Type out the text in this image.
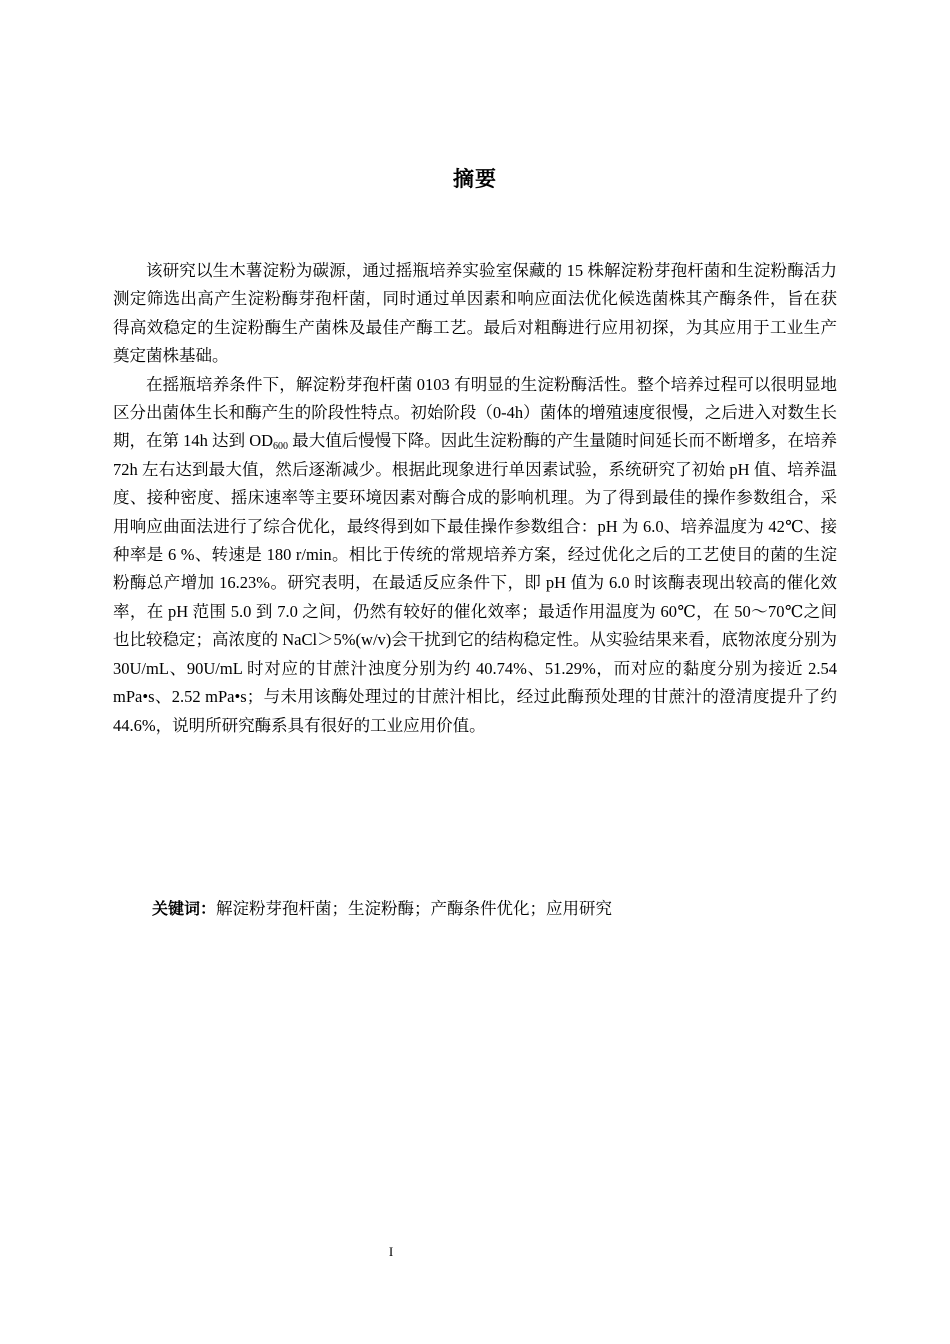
摘要

该研究以生木薯淀粉为碳源，通过摇瓶培养实验室保藏的 15 株解淀粉芽孢杆菌和生淀粉酶活力测定筛选出高产生淀粉酶芽孢杆菌，同时通过单因素和响应面法优化候选菌株其产酶条件，旨在获得高效稳定的生淀粉酶生产菌株及最佳产酶工艺。最后对粗酶进行应用初探，为其应用于工业生产奠定菌株基础。

在摇瓶培养条件下，解淀粉芽孢杆菌 0103 有明显的生淀粉酶活性。整个培养过程可以很明显地区分出菌体生长和酶产生的阶段性特点。初始阶段（0-4h）菌体的增殖速度很慢，之后进入对数生长期，在第 14h 达到 $OD_{600}$ 最大值后慢慢下降。因此生淀粉酶的产生量随时间延长而不断增多，在培养 72h 左右达到最大值，然后逐渐减少。根据此现象进行单因素试验，系统研究了初始 pH 值、培养温度、接种密度、摇床速率等主要环境因素对酶合成的影响机理。为了得到最佳的操作参数组合，采用响应曲面法进行了综合优化，最终得到如下最佳操作参数组合：pH 为 6.0、培养温度为 42℃、接种率是 6 %、转速是 180 r/min。相比于传统的常规培养方案，经过优化之后的工艺使目的菌的生淀粉酶总产增加 16.23%。研究表明，在最适反应条件下，即 pH 值为 6.0 时该酶表现出较高的催化效率，在 pH 范围 5.0 到 7.0 之间，仍然有较好的催化效率；最适作用温度为 60℃，在 50～70℃之间也比较稳定；高浓度的 NaCl＞5%(w/v)会干扰到它的结构稳定性。从实验结果来看，底物浓度分别为 30U/mL、90U/mL 时对应的甘蔗汁浊度分别为约 40.74%、51.29%，而对应的黏度分别为接近 2.54 mPa•s、2.52 mPa•s；与未用该酶处理过的甘蔗汁相比，经过此酶预处理的甘蔗汁的澄清度提升了约 44.6%，说明所研究酶系具有很好的工业应用价值。

关键词：解淀粉芽孢杆菌；生淀粉酶；产酶条件优化；应用研究
I
